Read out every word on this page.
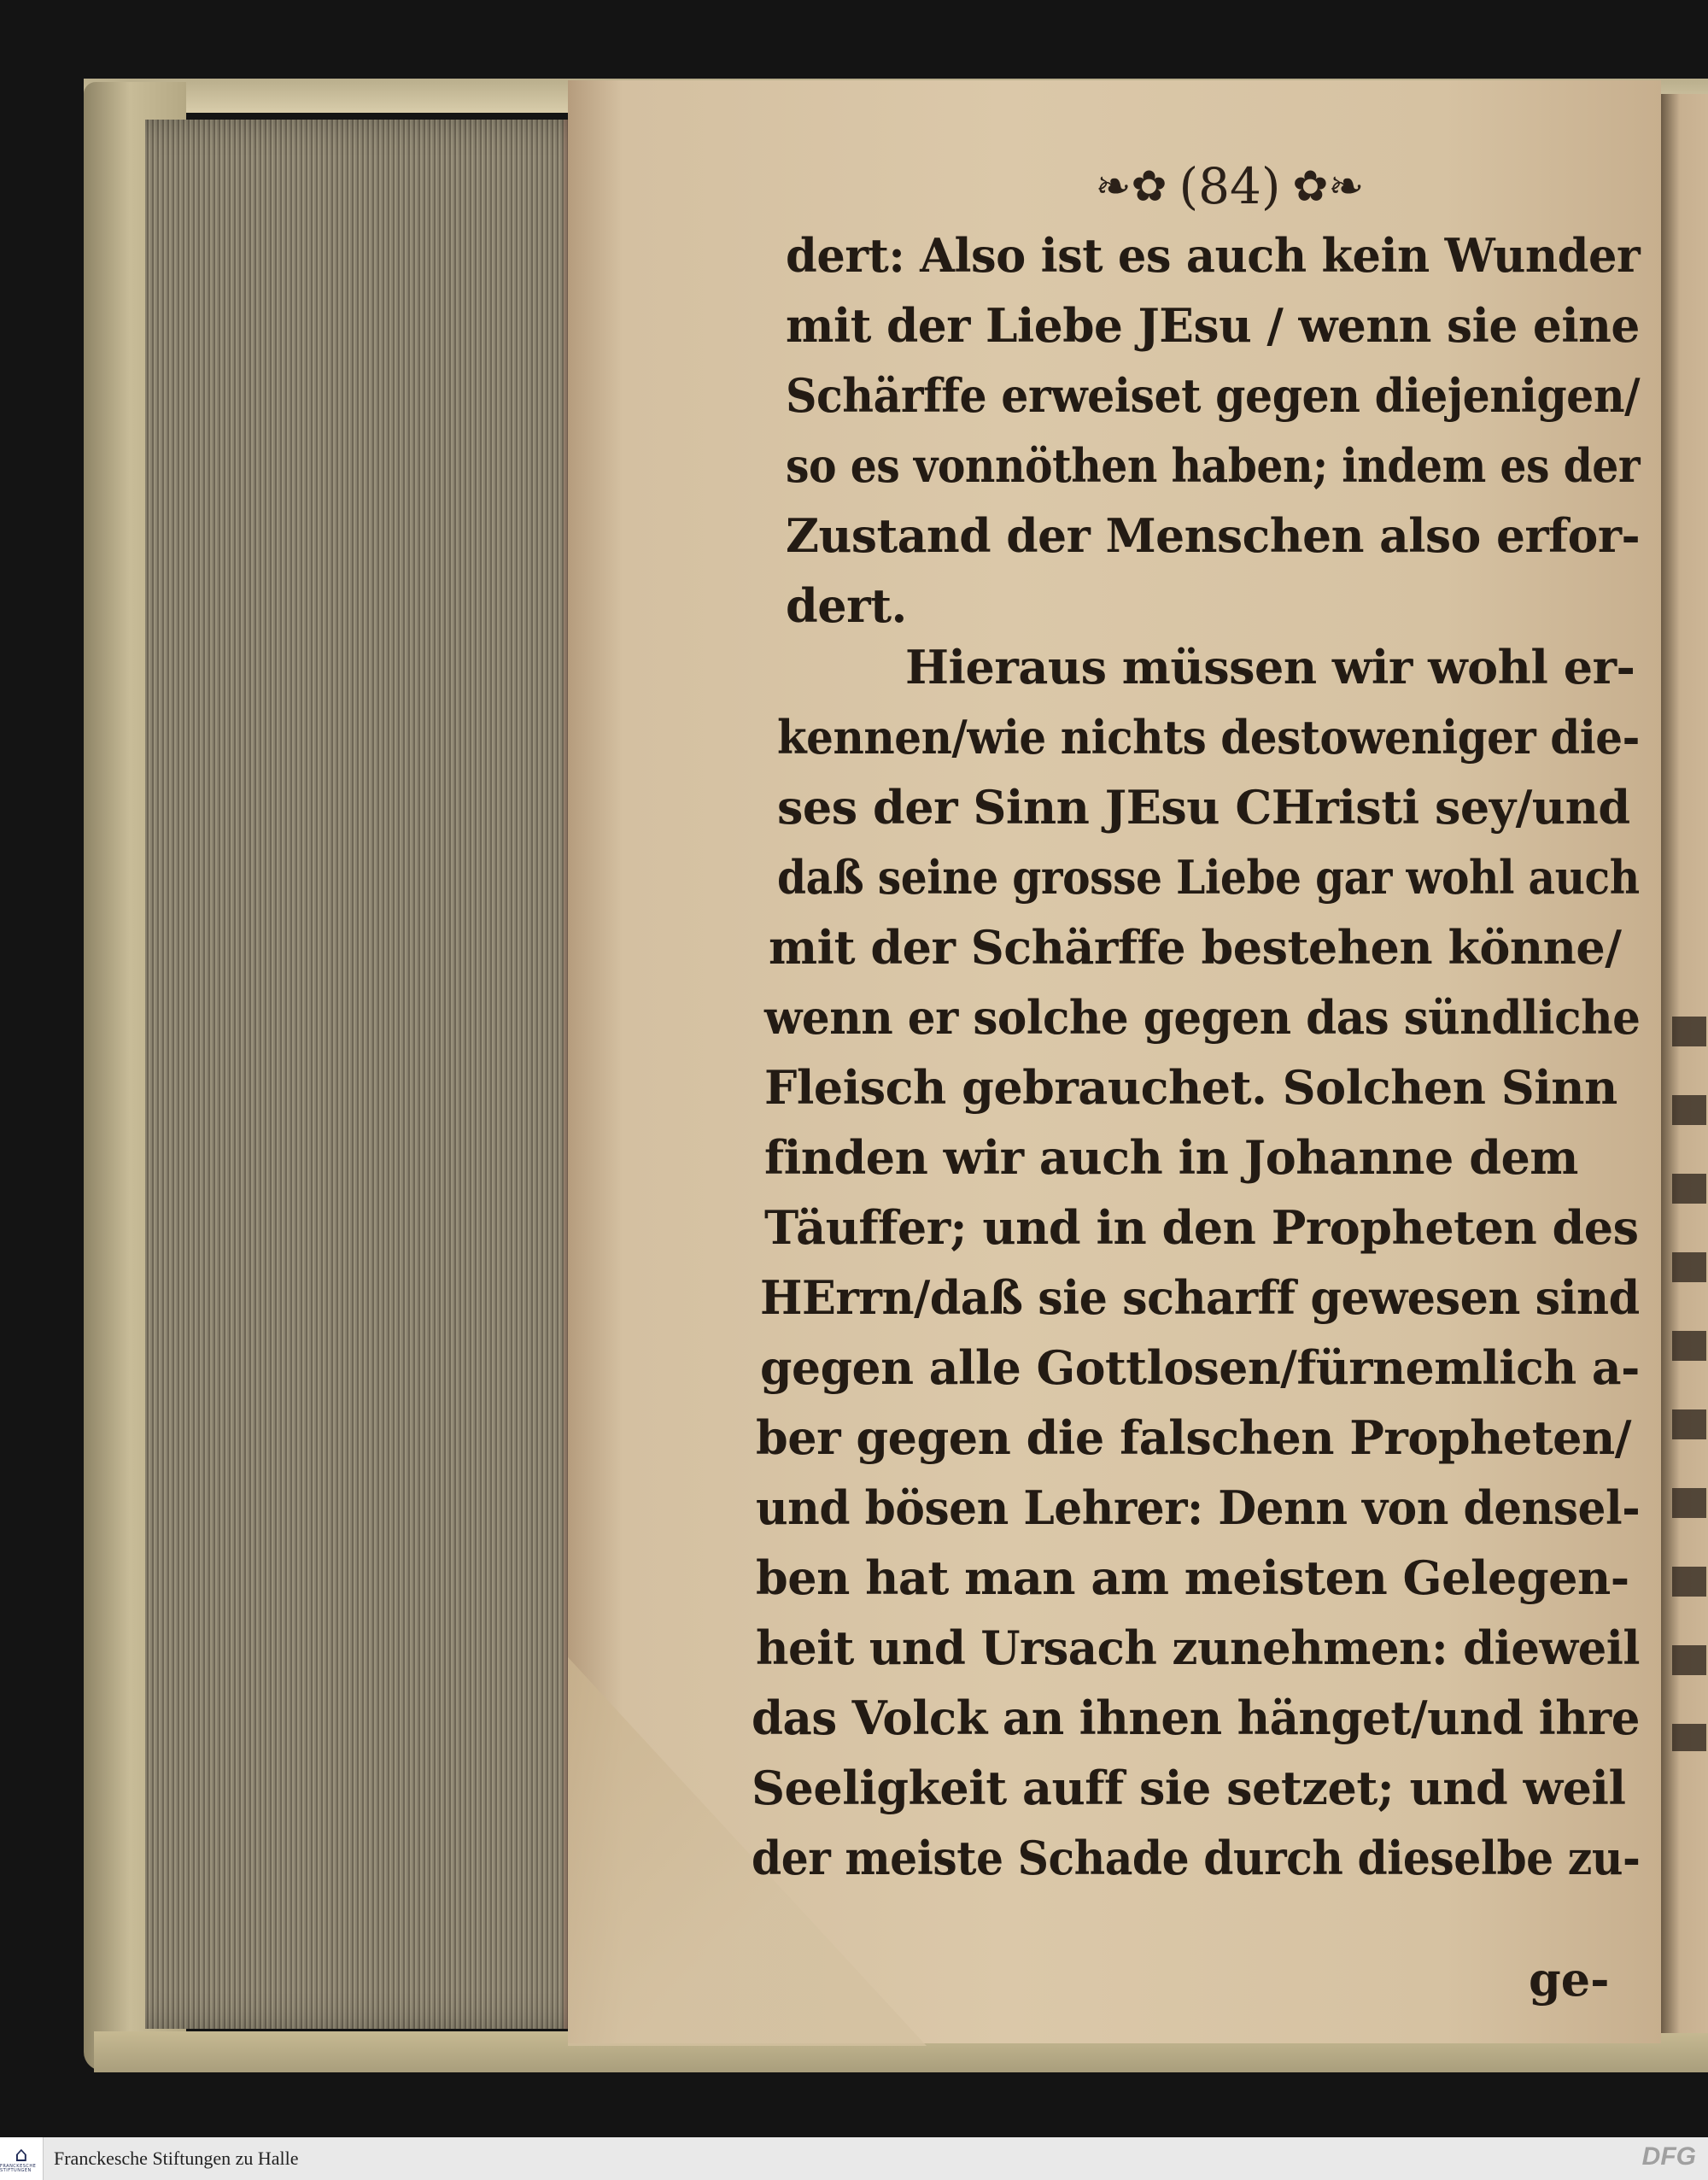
❧✿ (84) ✿❧
dert: Also ist es auch kein Wunder
mit der Liebe JEsu / wenn sie eine
Schärffe erweiset gegen diejenigen/
so es vonnöthen haben; indem es der
Zustand der Menschen also erfor-
dert.
Hieraus müssen wir wohl er-
kennen/wie nichts destoweniger die-
ses der Sinn JEsu CHristi sey/und
daß seine grosse Liebe gar wohl auch
mit der Schärffe bestehen könne/
wenn er solche gegen das sündliche
Fleisch gebrauchet. Solchen Sinn
finden wir auch in Johanne dem
Täuffer; und in den Propheten des
HErrn/daß sie scharff gewesen sind
gegen alle Gottlosen/fürnemlich a-
ber gegen die falschen Propheten/
und bösen Lehrer: Denn von densel-
ben hat man am meisten Gelegen-
heit und Ursach zunehmen: dieweil
das Volck an ihnen hänget/und ihre
Seeligkeit auff sie setzet; und weil
der meiste Schade durch dieselbe zu-
ge-
⌂
FRANCKESCHE STIFTUNGEN
Franckesche Stiftungen zu Halle	DFG
